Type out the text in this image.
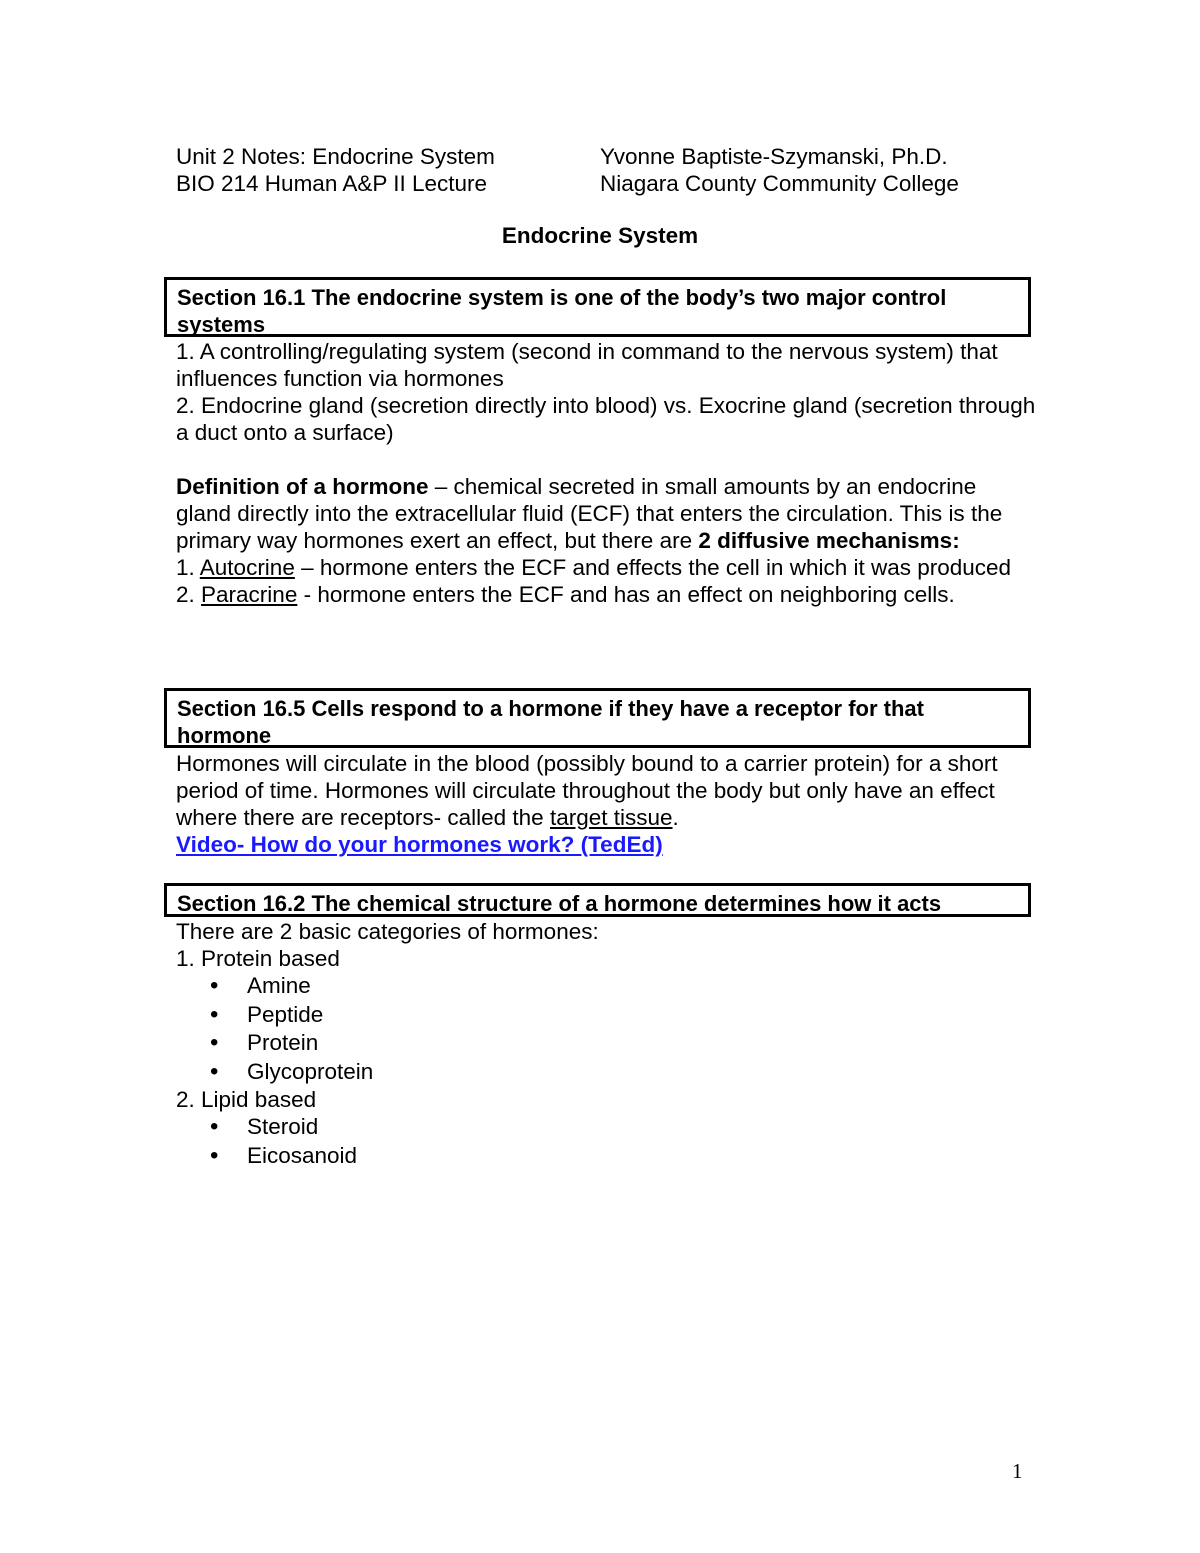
Unit 2 Notes: Endocrine System
BIO 214 Human A&P II Lecture
Yvonne Baptiste-Szymanski, Ph.D.
Niagara County Community College
Endocrine System
Section 16.1 The endocrine system is one of the body’s two major control systems

1. A controlling/regulating system (second in command to the nervous system) that influences function via hormones

2. Endocrine gland (secretion directly into blood) vs. Exocrine gland (secretion through a duct onto a surface)

Definition of a hormone – chemical secreted in small amounts by an endocrine gland directly into the extracellular fluid (ECF) that enters the circulation. This is the primary way hormones exert an effect, but there are 2 diffusive mechanisms:

1. Autocrine – hormone enters the ECF and effects the cell in which it was produced

2. Paracrine - hormone enters the ECF and has an effect on neighboring cells.

Section 16.5 Cells respond to a hormone if they have a receptor for that hormone

Hormones will circulate in the blood (possibly bound to a carrier protein) for a short period of time. Hormones will circulate throughout the body but only have an effect where there are receptors- called the target tissue.

Video- How do your hormones work? (TedEd)

Section 16.2 The chemical structure of a hormone determines how it acts

There are 2 basic categories of hormones:

1. Protein based

• Amine
• Peptide
• Protein
• Glycoprotein

2. Lipid based

• Steroid
• Eicosanoid
1
